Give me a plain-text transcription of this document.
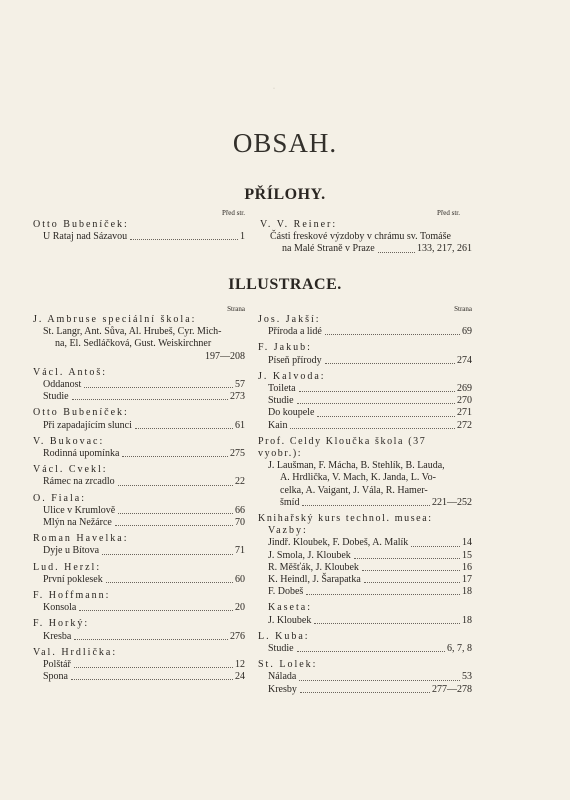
·
OBSAH.
PŘÍLOHY.
Před str.	Před str.
Otto Bubeníček:
U Rataj nad Sázavou	1
V. V. Reiner:
Části freskové výzdoby v chrámu sv. Tomáše
na Malé Straně v Praze	133, 217, 261
ILLUSTRACE.
Strana	Strana
J. Ambruse speciální škola:
St. Langr, Ant. Sůva, Al. Hrubeš, Cyr. Mich-
na, El. Sedláčková, Gust. Weiskirchner
197—208
Václ. Antoš:
Oddanost	57
Studie	273
Otto Bubeníček:
Při zapadajícím slunci	61
V. Bukovac:
Rodinná upomínka	275
Václ. Cvekl:
Rámec na zrcadlo	22
O. Fiala:
Ulice v Krumlově	66
Mlýn na Nežárce	70
Roman Havelka:
Dyje u Bítova	71
Lud. Herzl:
První poklesek	60
F. Hoffmann:
Konsola	20
F. Horký:
Kresba	276
Val. Hrdlička:
Polštář	12
Spona	24
Jos. Jakší:
Příroda a lidé	69
F. Jakub:
Píseň přírody	274
J. Kalvoda:
Toileta	269
Studie	270
Do koupele	271
Kain	272
Prof. Celdy Kloučka škola (37 vyobr.):
J. Laušman, F. Mácha, B. Stehlík, B. Lauda,
A. Hrdlička, V. Mach, K. Janda, L. Vo-
celka, A. Vaigant, J. Vála, R. Hamer-
šmíd	221—252
Knihařský kurs technol. musea:
Vazby:
Jindř. Kloubek, F. Dobeš, A. Malík	14
J. Smola, J. Kloubek	15
R. Měšťák, J. Kloubek	16
K. Heindl, J. Šarapatka	17
F. Dobeš	18
Kaseta:
J. Kloubek	18
L. Kuba:
Studie	6, 7, 8
St. Lolek:
Nálada	53
Kresby	277—278
